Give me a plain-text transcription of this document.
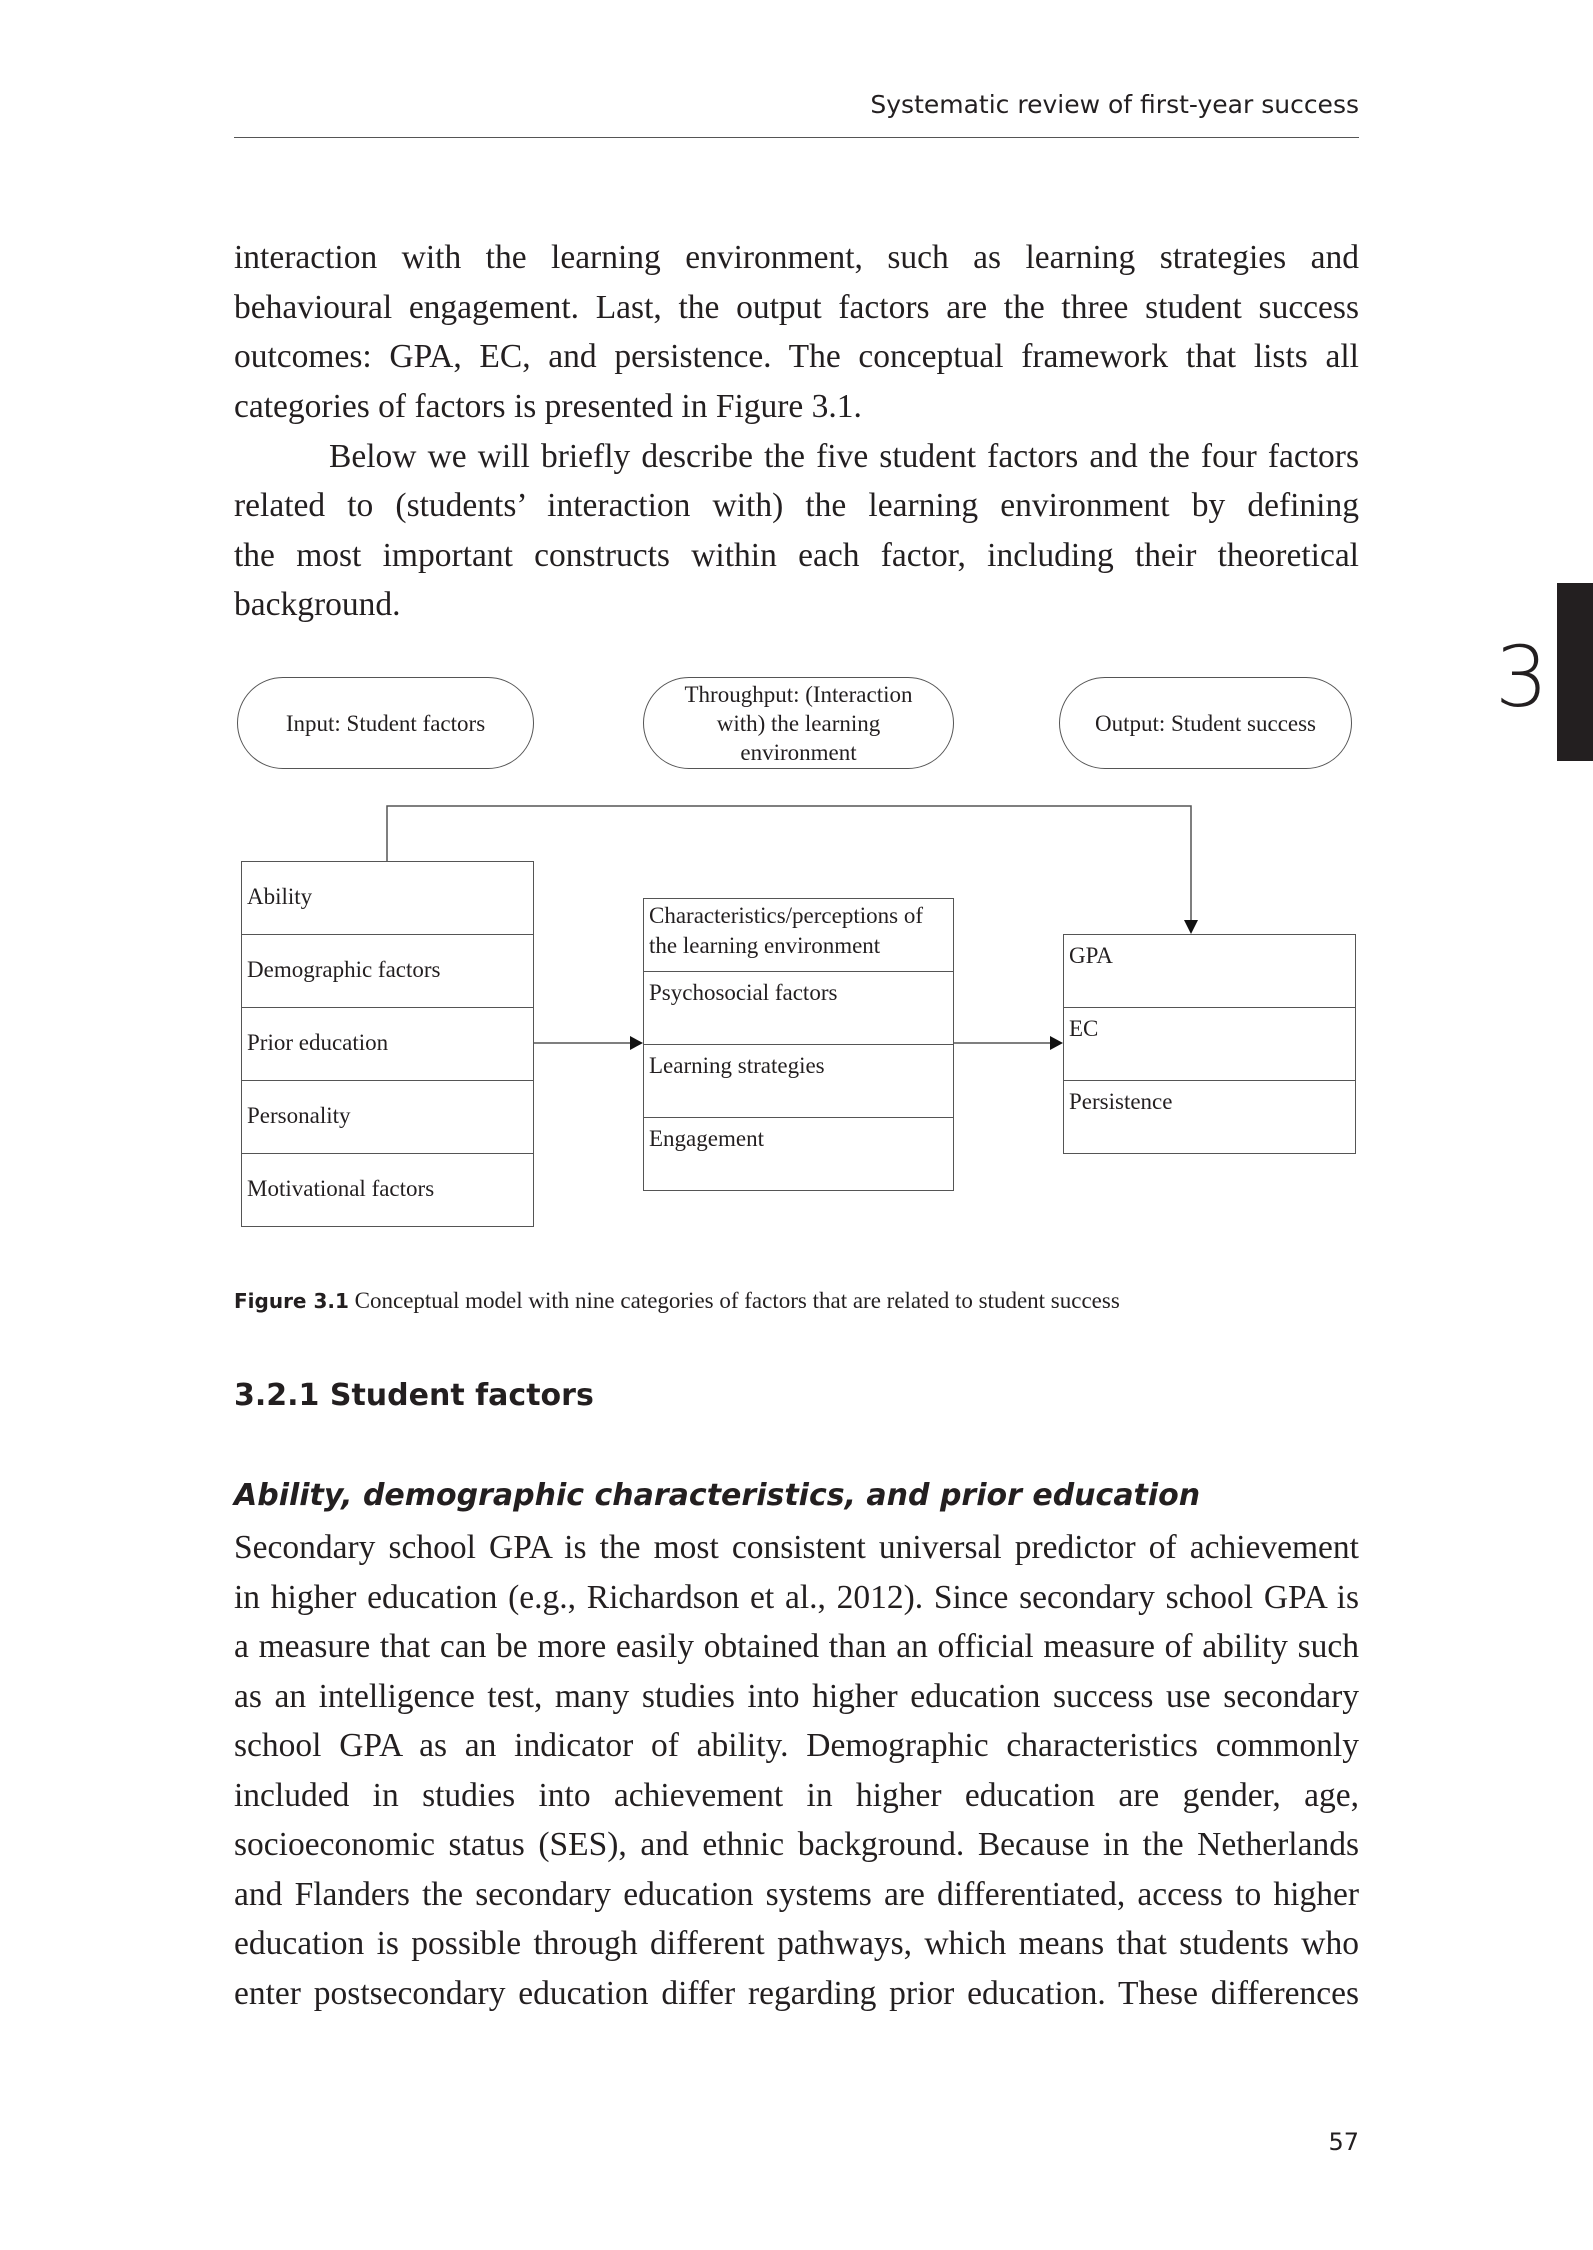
Systematic review of first-year success
3
interaction with the learning environment, such as learning strategies and
behavioural engagement. Last, the output factors are the three student success
outcomes: GPA, EC, and persistence. The conceptual framework that lists all
categories of factors is presented in Figure 3.1.
Below we will briefly describe the five student factors and the four factors
related to (students’ interaction with) the learning environment by defining
the most important constructs within each factor, including their theoretical
background.
Input: Student factors
Throughput: (Interaction with) the learning environment
Output: Student success
Ability
Demographic factors
Prior education
Personality
Motivational factors
Characteristics/perceptions of the learning environment
Psychosocial factors
Learning strategies
Engagement
GPA
EC
Persistence
Figure 3.1 Conceptual model with nine categories of factors that are related to student success
3.2.1 Student factors
Ability, demographic characteristics, and prior education
Secondary school GPA is the most consistent universal predictor of achievement
in higher education (e.g., Richardson et al., 2012). Since secondary school GPA is
a measure that can be more easily obtained than an official measure of ability such
as an intelligence test, many studies into higher education success use secondary
school GPA as an indicator of ability. Demographic characteristics commonly
included in studies into achievement in higher education are gender, age,
socioeconomic status (SES), and ethnic background. Because in the Netherlands
and Flanders the secondary education systems are differentiated, access to higher
education is possible through different pathways, which means that students who
enter postsecondary education differ regarding prior education. These differences
57
